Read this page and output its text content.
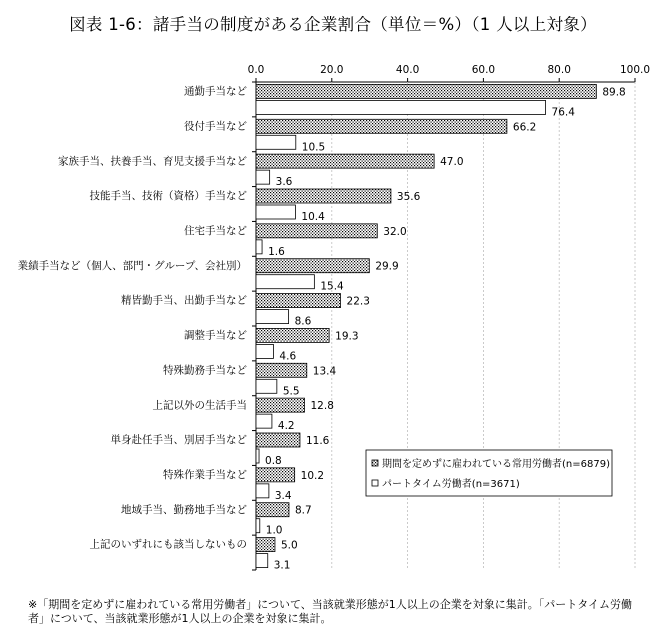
図表 1-6：諸手当の制度がある企業割合（単位＝%）（1 人以上対象）
0.0	20.0	40.0	60.0	80.0	100.0
通勤手当など
役付手当など
家族手当、扶養手当、育児支援手当など
技能手当、技術（資格）手当など
住宅手当など
業績手当など（個人、部門・グループ、会社別）
精皆勤手当、出勤手当など
調整手当など
特殊勤務手当など
上記以外の生活手当
単身赴任手当、別居手当など
特殊作業手当など
地域手当、勤務地手当など
上記のいずれにも該当しないもの
89.8
76.4
66.2
10.5
47.0
3.6
35.6
10.4
32.0
1.6
29.9
15.4
22.3
8.6
19.3
4.6
13.4
5.5
12.8
4.2
11.6
0.8
10.2
3.4
8.7
1.0
5.0
3.1
期間を定めずに雇われている常用労働者(n=6879)
パートタイム労働者(n=3671)
※「期間を定めずに雇われている常用労働者」について、当該就業形態が1人以上の企業を対象に集計。「パートタイム労働
者」について、当該就業形態が1人以上の企業を対象に集計。
